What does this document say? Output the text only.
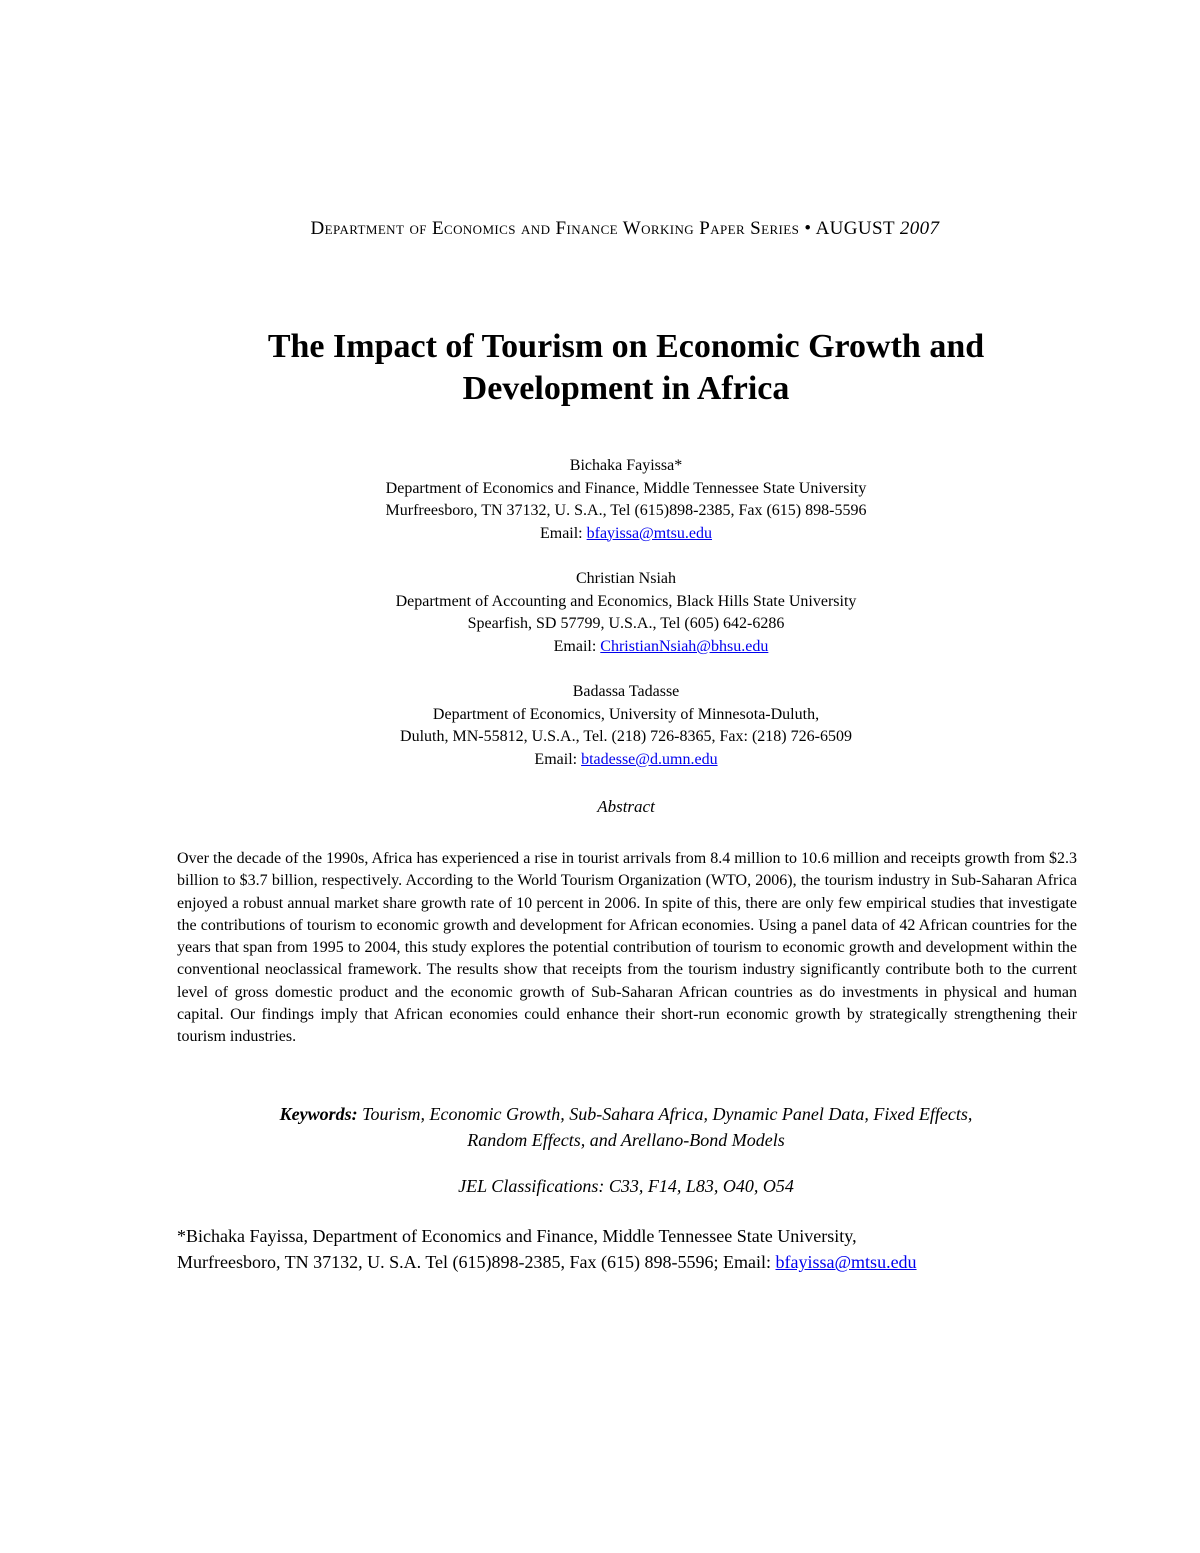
Department of Economics and Finance Working Paper Series • AUGUST 2007
The Impact of Tourism on Economic Growth and
Development in Africa
Bichaka Fayissa*
Department of Economics and Finance, Middle Tennessee State University
Murfreesboro, TN 37132, U. S.A., Tel (615)898-2385, Fax (615) 898-5596
Email: bfayissa@mtsu.edu
Christian Nsiah
Department of Accounting and Economics, Black Hills State University
Spearfish, SD 57799, U.S.A., Tel (605) 642-6286
Email: ChristianNsiah@bhsu.edu
Badassa Tadasse
Department of Economics, University of Minnesota-Duluth,
Duluth, MN-55812, U.S.A., Tel. (218) 726-8365, Fax: (218) 726-6509
Email: btadesse@d.umn.edu
Abstract
Over the decade of the 1990s, Africa has experienced a rise in tourist arrivals from 8.4 million to 10.6 million and receipts growth from $2.3 billion to $3.7 billion, respectively. According to the World Tourism Organization (WTO, 2006), the tourism industry in Sub-Saharan Africa enjoyed a robust annual market share growth rate of 10 percent in 2006. In spite of this, there are only few empirical studies that investigate the contributions of tourism to economic growth and development for African economies. Using a panel data of 42 African countries for the years that span from 1995 to 2004, this study explores the potential contribution of tourism to economic growth and development within the conventional neoclassical framework. The results show that receipts from the tourism industry significantly contribute both to the current level of gross domestic product and the economic growth of Sub-Saharan African countries as do investments in physical and human capital. Our findings imply that African economies could enhance their short-run economic growth by strategically strengthening their tourism industries.
Keywords: Tourism, Economic Growth, Sub-Sahara Africa, Dynamic Panel Data, Fixed Effects,
Random Effects, and Arellano-Bond Models
JEL Classifications: C33, F14, L83, O40, O54
*Bichaka Fayissa, Department of Economics and Finance, Middle Tennessee State University,
Murfreesboro, TN 37132, U. S.A. Tel (615)898-2385, Fax (615) 898-5596; Email: bfayissa@mtsu.edu
